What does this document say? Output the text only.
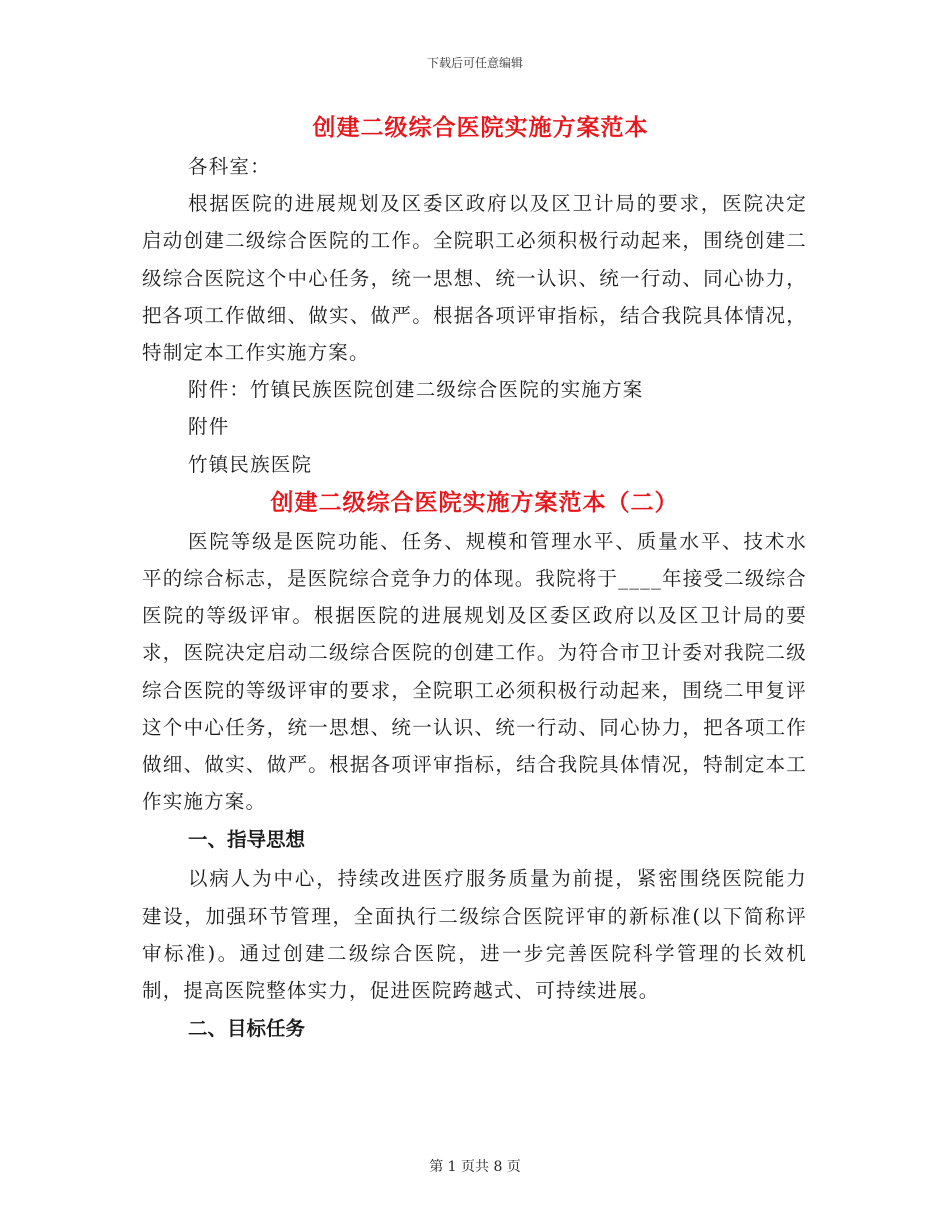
下载后可任意编辑
创建二级综合医院实施方案范本

各科室：

根据医院的进展规划及区委区政府以及区卫计局的要求，医院决定启动创建二级综合医院的工作。全院职工必须积极行动起来，围绕创建二级综合医院这个中心任务，统一思想、统一认识、统一行动、同心协力，把各项工作做细、做实、做严。根据各项评审指标，结合我院具体情况，特制定本工作实施方案。

附件：竹镇民族医院创建二级综合医院的实施方案

附件

竹镇民族医院

创建二级综合医院实施方案范本（二）

医院等级是医院功能、任务、规模和管理水平、质量水平、技术水平的综合标志，是医院综合竞争力的体现。我院将于____年接受二级综合医院的等级评审。根据医院的进展规划及区委区政府以及区卫计局的要求，医院决定启动二级综合医院的创建工作。为符合市卫计委对我院二级综合医院的等级评审的要求，全院职工必须积极行动起来，围绕二甲复评这个中心任务，统一思想、统一认识、统一行动、同心协力，把各项工作做细、做实、做严。根据各项评审指标，结合我院具体情况，特制定本工作实施方案。

一、指导思想

以病人为中心，持续改进医疗服务质量为前提，紧密围绕医院能力建设，加强环节管理，全面执行二级综合医院评审的新标准(以下简称评审标准)。通过创建二级综合医院，进一步完善医院科学管理的长效机制，提高医院整体实力，促进医院跨越式、可持续进展。

二、目标任务
第 1 页共 8 页
